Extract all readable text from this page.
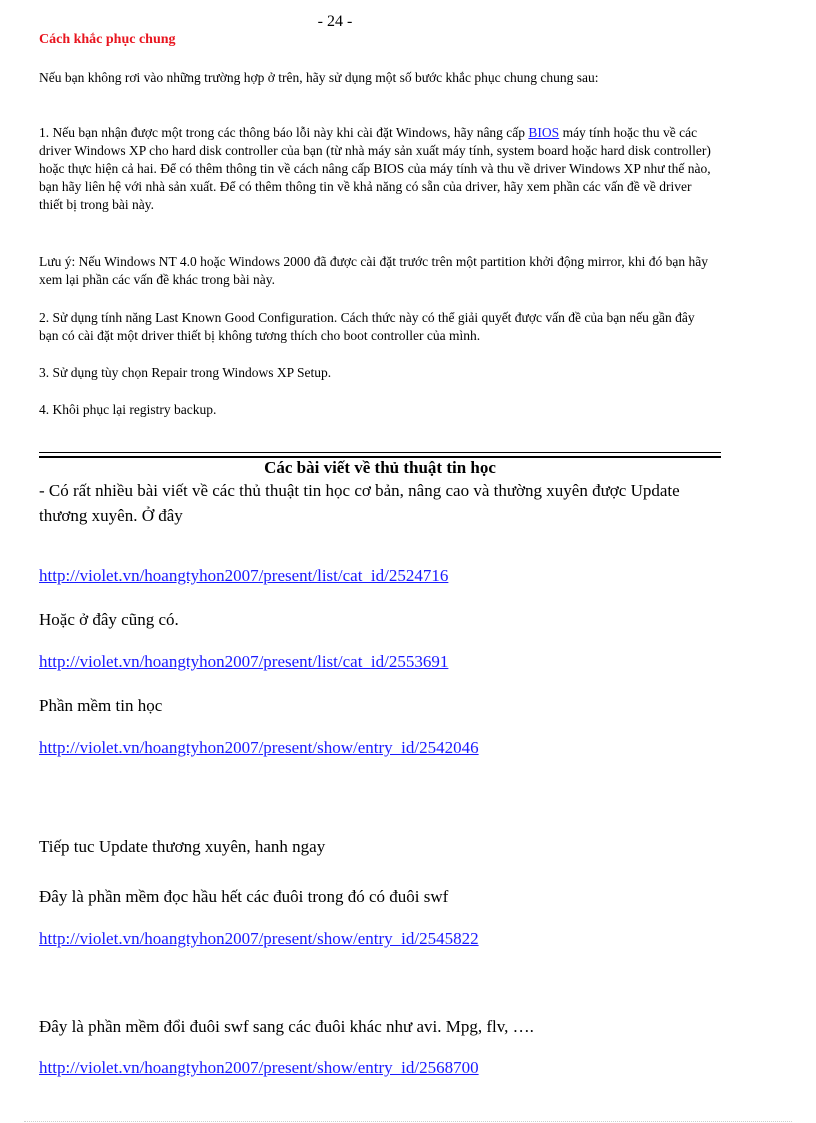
- 24 -
Cách khắc phục chung
Nếu bạn không rơi vào những trường hợp ở trên, hãy sử dụng một số bước khắc phục chung chung sau:
1. Nếu bạn nhận được một trong các thông báo lỗi này khi cài đặt Windows, hãy nâng cấp BIOS máy tính hoặc thu về các driver Windows XP cho hard disk controller của bạn (từ nhà máy sản xuất máy tính, system board hoặc hard disk controller) hoặc thực hiện cả hai. Để có thêm thông tin về cách nâng cấp BIOS của máy tính và thu về driver Windows XP như thế nào, bạn hãy liên hệ với nhà sản xuất. Để có thêm thông tin về khả năng có sẵn của driver, hãy xem phần các vấn đề về driver thiết bị trong bài này.
Lưu ý: Nếu Windows NT 4.0 hoặc Windows 2000 đã được cài đặt trước trên một partition khởi động mirror, khi đó bạn hãy xem lại phần các vấn đề khác trong bài này.
2. Sử dụng tính năng Last Known Good Configuration. Cách thức này có thể giải quyết được vấn đề của bạn nếu gần đây bạn có cài đặt một driver thiết bị không tương thích cho boot controller của mình.
3. Sử dụng tùy chọn Repair trong Windows XP Setup.
4. Khôi phục lại registry backup.
Các bài viết về thủ thuật tin học
- Có rất nhiều bài viết về các thủ thuật tin học cơ bản, nâng cao và thường xuyên được Update thương xuyên. Ở đây
http://violet.vn/hoangtyhon2007/present/list/cat_id/2524716
Hoặc ở đây cũng có.
http://violet.vn/hoangtyhon2007/present/list/cat_id/2553691
Phần mềm tin học
http://violet.vn/hoangtyhon2007/present/show/entry_id/2542046
Tiếp tuc Update thương xuyên, hanh ngay
Đây là phần mềm đọc hầu hết các đuôi trong đó có đuôi swf
http://violet.vn/hoangtyhon2007/present/show/entry_id/2545822
Đây là phần mềm đổi đuôi swf sang các đuôi khác như avi. Mpg, flv, ….
http://violet.vn/hoangtyhon2007/present/show/entry_id/2568700
